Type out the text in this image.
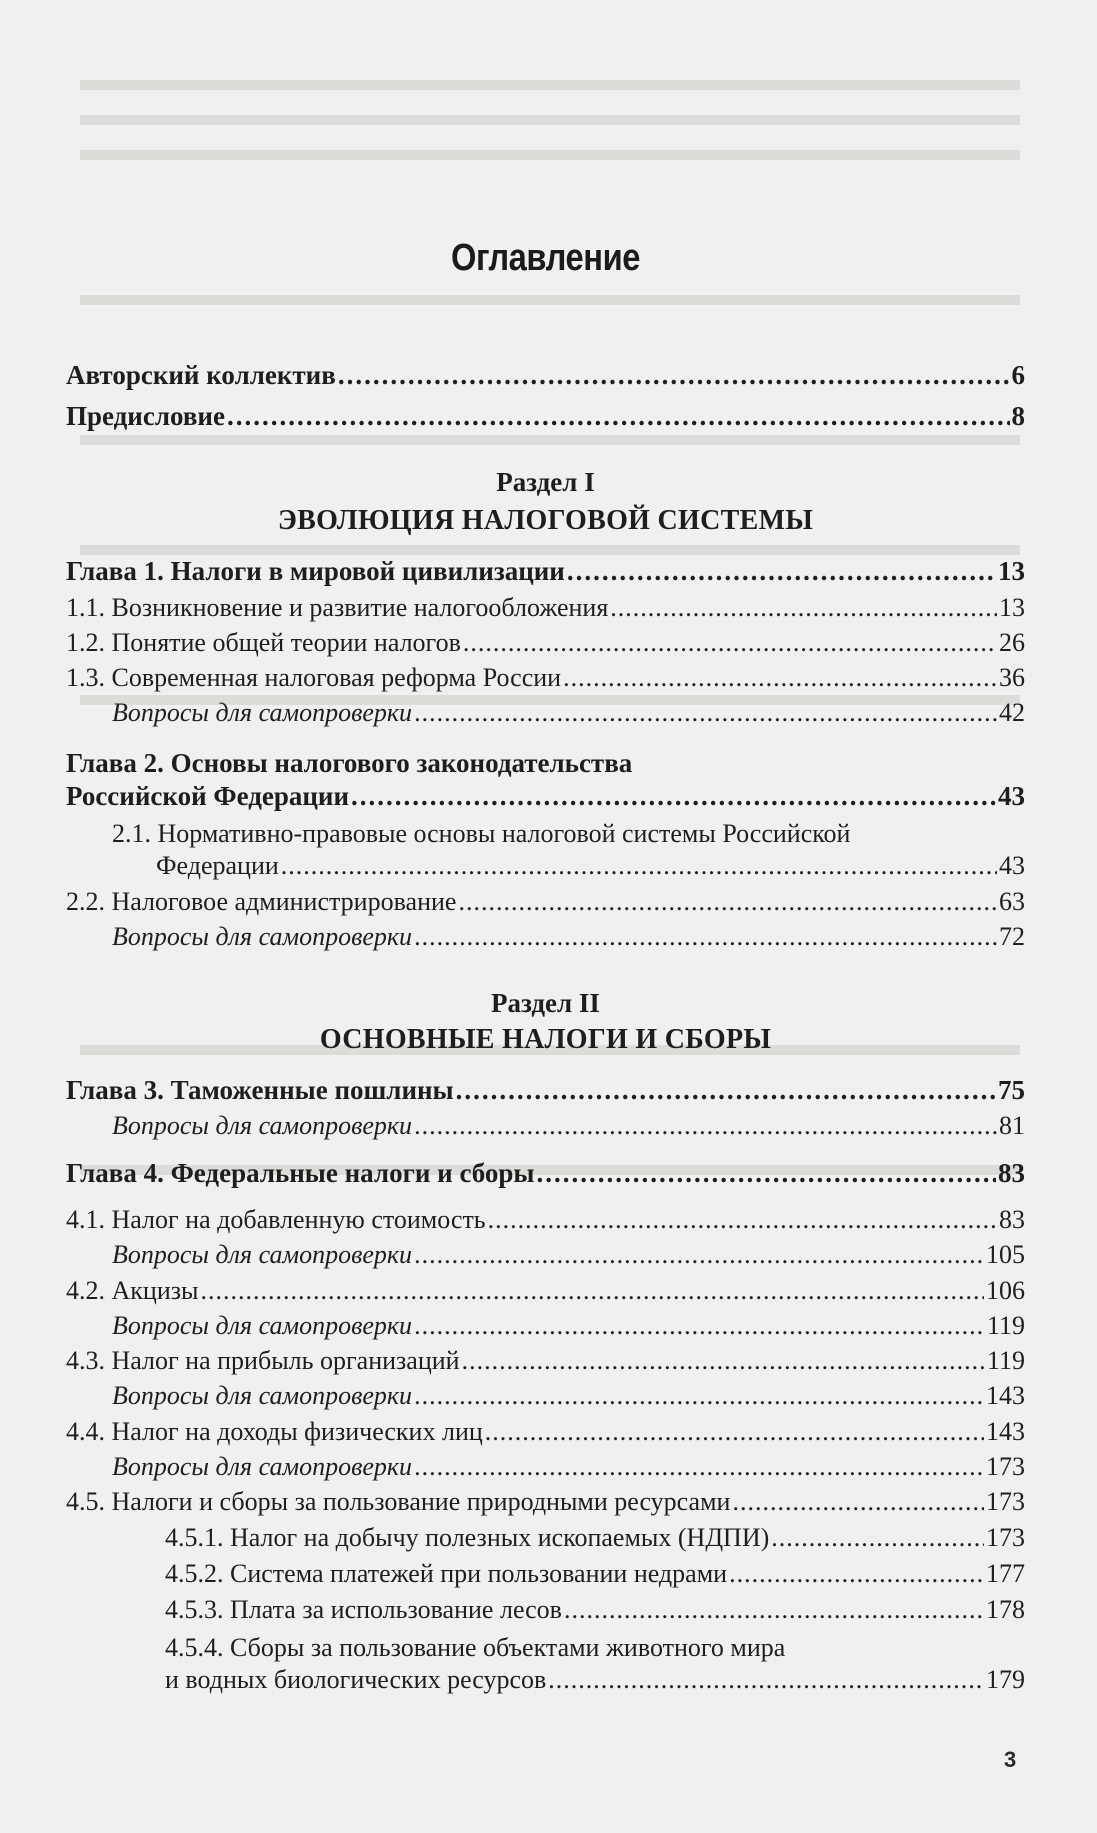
Оглавление
Авторский коллектив .....	6
Предисловие .....	8
Раздел I
ЭВОЛЮЦИЯ НАЛОГОВОЙ СИСТЕМЫ
Глава 1. Налоги в мировой цивилизации .....	13
1.1. Возникновение и развитие налогообложения .....	13
1.2. Понятие общей теории налогов .....	26
1.3. Современная налоговая реформа России .....	36
Вопросы для самопроверки .....	42
Глава 2. Основы налогового законодательства
Российской Федерации .....	43
2.1. Нормативно-правовые основы налоговой системы Российской
Федерации .....	43
2.2. Налоговое администрирование .....	63
Вопросы для самопроверки .....	72
Раздел II
ОСНОВНЫЕ НАЛОГИ И СБОРЫ
Глава 3. Таможенные пошлины .....	75
Вопросы для самопроверки .....	81
Глава 4. Федеральные налоги и сборы .....	83
4.1. Налог на добавленную стоимость .....	83
Вопросы для самопроверки .....	105
4.2. Акцизы .....	106
Вопросы для самопроверки .....	119
4.3. Налог на прибыль организаций .....	119
Вопросы для самопроверки .....	143
4.4. Налог на доходы физических лиц .....	143
Вопросы для самопроверки .....	173
4.5. Налоги и сборы за пользование природными ресурсами .....	173
4.5.1. Налог на добычу полезных ископаемых (НДПИ) .....	173
4.5.2. Система платежей при пользовании недрами .....	177
4.5.3. Плата за использование лесов .....	178
4.5.4. Сборы за пользование объектами животного мира
и водных биологических ресурсов .....	179
3
